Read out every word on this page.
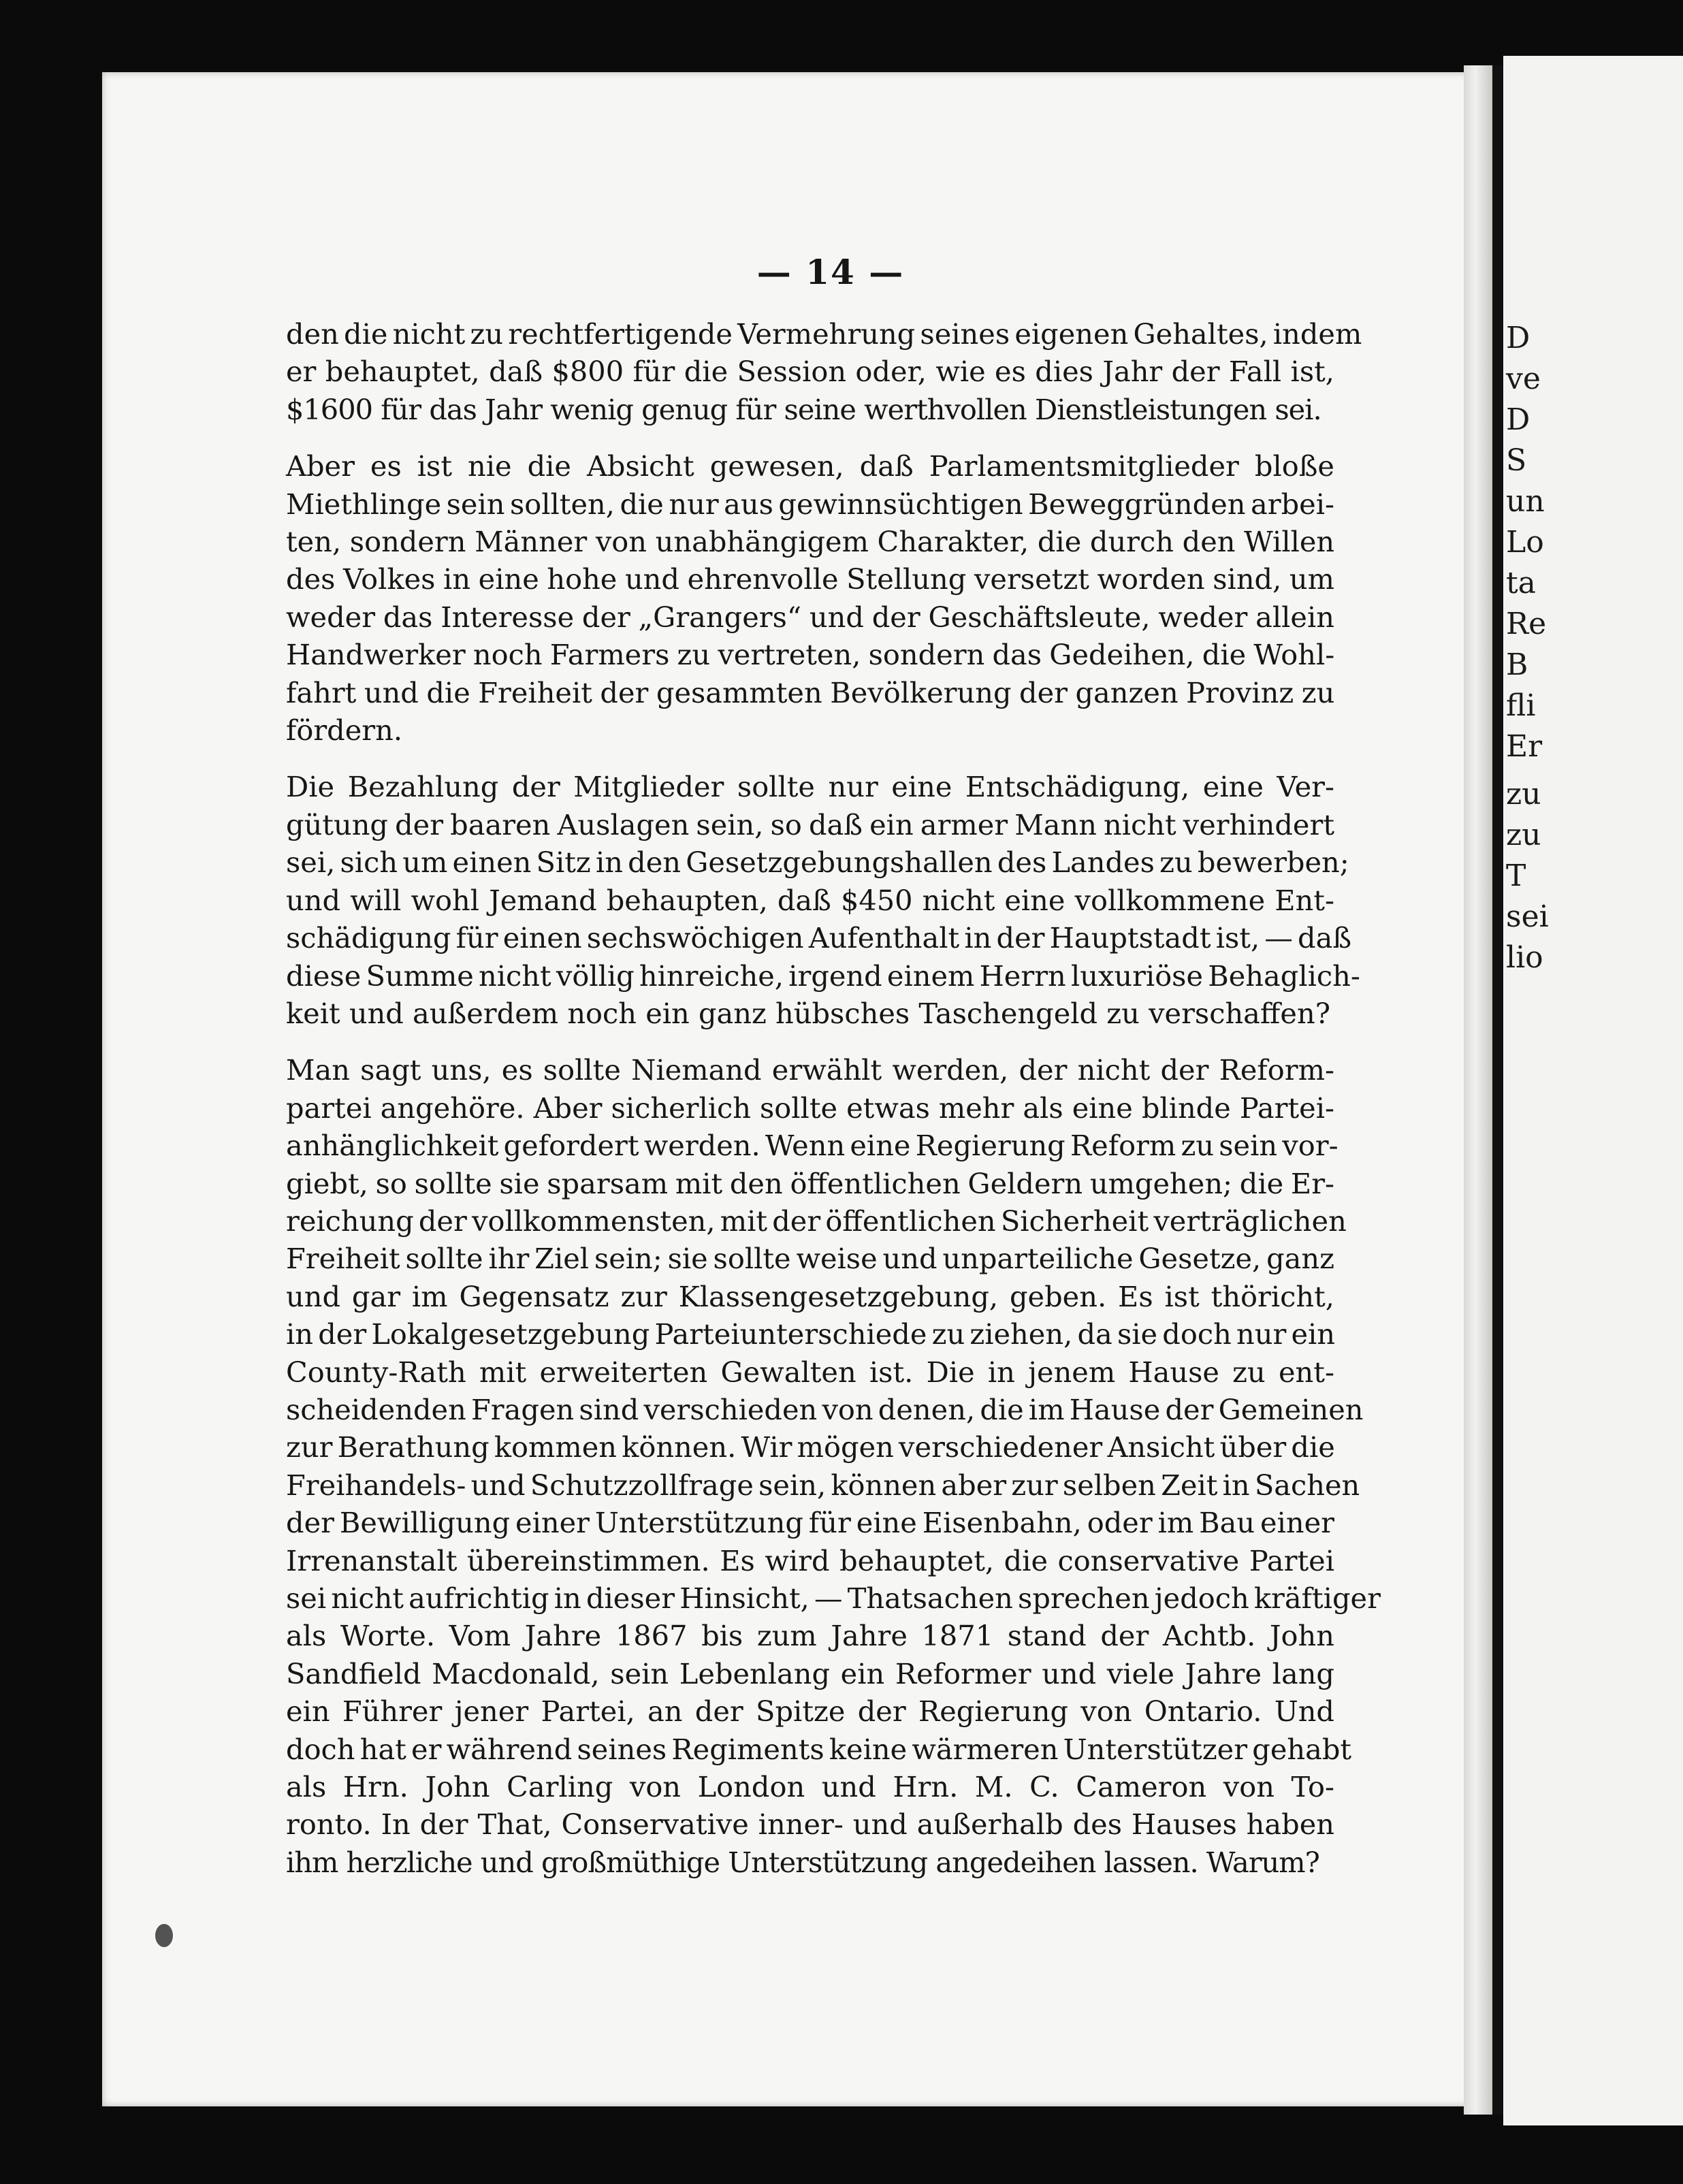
D
ve
D
S
un
Lo
ta
Re
B
fli
Er
zu
zu
T
sei
lio
— 14 —

den die nicht zu rechtfertigende Vermehrung seines eigenen Gehaltes, indem
er behauptet, daß $800 für die Session oder, wie es dies Jahr der Fall ist,
$1600 für das Jahr wenig genug für seine werthvollen Dienstleistungen sei.

Aber es ist nie die Absicht gewesen, daß Parlamentsmitglieder bloße
Miethlinge sein sollten, die nur aus gewinnsüchtigen Beweggründen arbei-
ten, sondern Männer von unabhängigem Charakter, die durch den Willen
des Volkes in eine hohe und ehrenvolle Stellung versetzt worden sind, um
weder das Interesse der „Grangers“ und der Geschäftsleute, weder allein
Handwerker noch Farmers zu vertreten, sondern das Gedeihen, die Wohl-
fahrt und die Freiheit der gesammten Bevölkerung der ganzen Provinz zu
fördern.

Die Bezahlung der Mitglieder sollte nur eine Entschädigung, eine Ver-
gütung der baaren Auslagen sein, so daß ein armer Mann nicht verhindert
sei, sich um einen Sitz in den Gesetzgebungshallen des Landes zu bewerben;
und will wohl Jemand behaupten, daß $450 nicht eine vollkommene Ent-
schädigung für einen sechswöchigen Aufenthalt in der Hauptstadt ist, — daß
diese Summe nicht völlig hinreiche, irgend einem Herrn luxuriöse Behaglich-
keit und außerdem noch ein ganz hübsches Taschengeld zu verschaffen?

Man sagt uns, es sollte Niemand erwählt werden, der nicht der Reform-
partei angehöre. Aber sicherlich sollte etwas mehr als eine blinde Partei-
anhänglichkeit gefordert werden. Wenn eine Regierung Reform zu sein vor-
giebt, so sollte sie sparsam mit den öffentlichen Geldern umgehen; die Er-
reichung der vollkommensten, mit der öffentlichen Sicherheit verträglichen
Freiheit sollte ihr Ziel sein; sie sollte weise und unparteiliche Gesetze, ganz
und gar im Gegensatz zur Klassengesetzgebung, geben. Es ist thöricht,
in der Lokalgesetzgebung Parteiunterschiede zu ziehen, da sie doch nur ein
County-Rath mit erweiterten Gewalten ist. Die in jenem Hause zu ent-
scheidenden Fragen sind verschieden von denen, die im Hause der Gemeinen
zur Berathung kommen können. Wir mögen verschiedener Ansicht über die
Freihandels- und Schutzzollfrage sein, können aber zur selben Zeit in Sachen
der Bewilligung einer Unterstützung für eine Eisenbahn, oder im Bau einer
Irrenanstalt übereinstimmen. Es wird behauptet, die conservative Partei
sei nicht aufrichtig in dieser Hinsicht, — Thatsachen sprechen jedoch kräftiger
als Worte. Vom Jahre 1867 bis zum Jahre 1871 stand der Achtb. John
Sandfield Macdonald, sein Lebenlang ein Reformer und viele Jahre lang
ein Führer jener Partei, an der Spitze der Regierung von Ontario. Und
doch hat er während seines Regiments keine wärmeren Unterstützer gehabt
als Hrn. John Carling von London und Hrn. M. C. Cameron von To-
ronto. In der That, Conservative inner- und außerhalb des Hauses haben
ihm herzliche und großmüthige Unterstützung angedeihen lassen. Warum?
